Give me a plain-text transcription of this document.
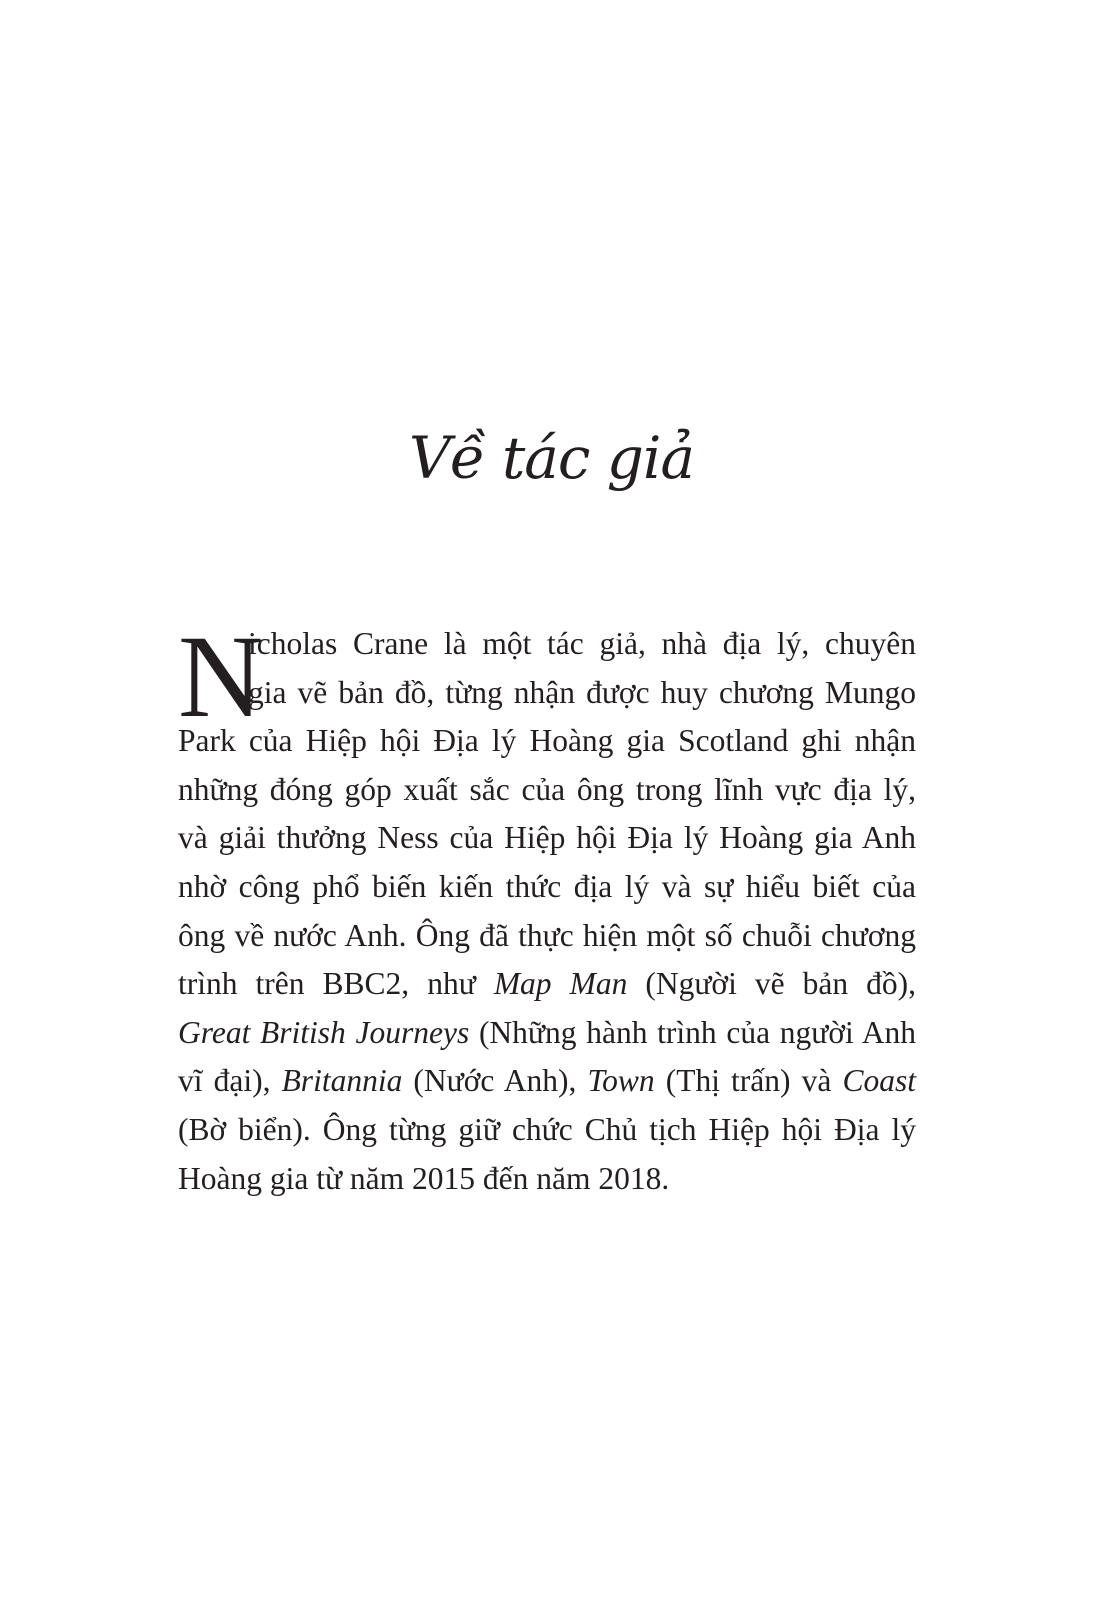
Về tác giả
N
icholas Crane là một tác giả, nhà địa lý, chuyên
gia vẽ bản đồ, từng nhận được huy chương Mungo
Park của Hiệp hội Địa lý Hoàng gia Scotland ghi nhận
những đóng góp xuất sắc của ông trong lĩnh vực địa lý,
và giải thưởng Ness của Hiệp hội Địa lý Hoàng gia Anh
nhờ công phổ biến kiến thức địa lý và sự hiểu biết của
ông về nước Anh. Ông đã thực hiện một số chuỗi chương
trình trên BBC2, như Map Man (Người vẽ bản đồ),
Great British Journeys (Những hành trình của người Anh
vĩ đại), Britannia (Nước Anh), Town (Thị trấn) và Coast
(Bờ biển). Ông từng giữ chức Chủ tịch Hiệp hội Địa lý
Hoàng gia từ năm 2015 đến năm 2018.
